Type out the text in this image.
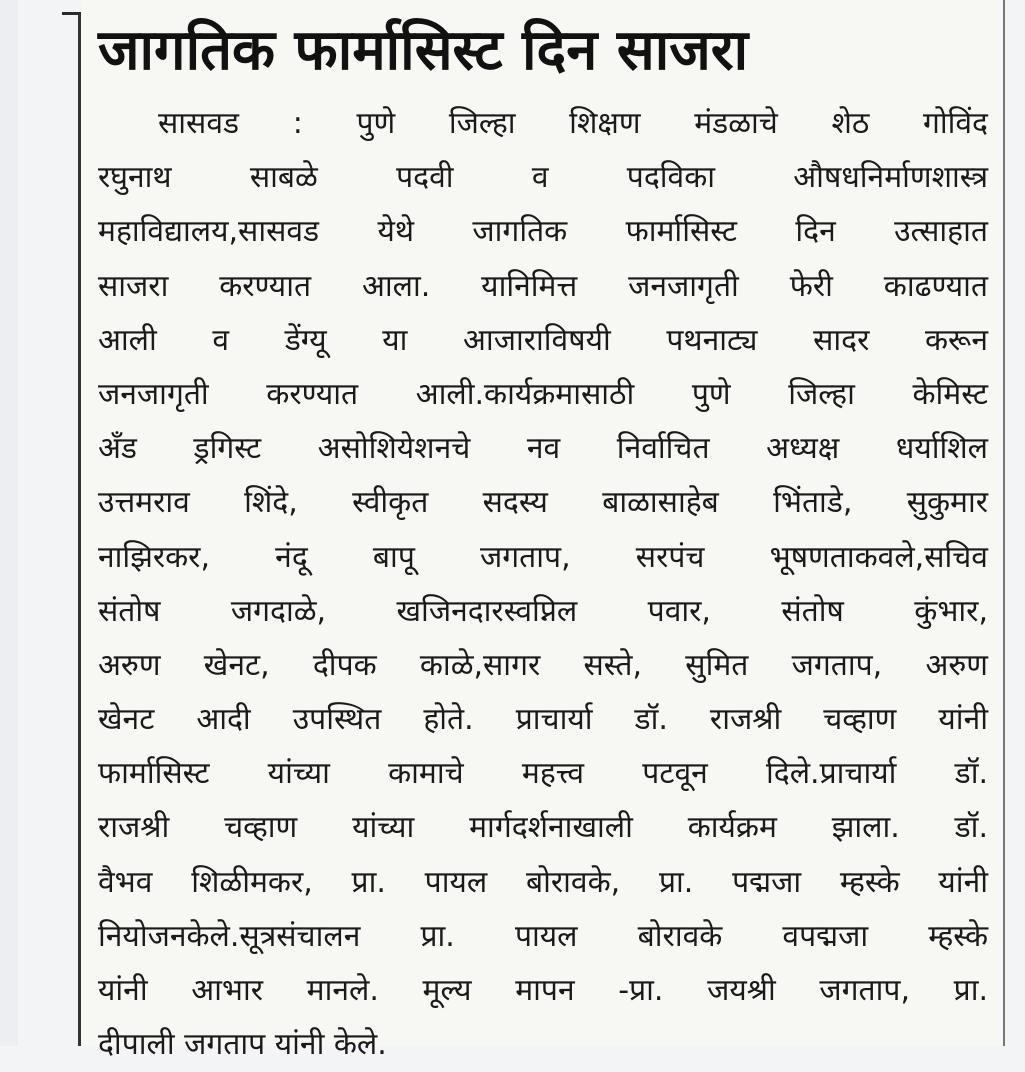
जागतिक फार्मासिस्ट दिन साजरा
सासवड : पुणे जिल्हा शिक्षण मंडळाचे शेठ गोविंद
रघुनाथ साबळे पदवी व पदविका औषधनिर्माणशास्त्र
महाविद्यालय,सासवड येथे जागतिक फार्मासिस्ट दिन उत्साहात
साजरा करण्यात आला. यानिमित्त जनजागृती फेरी काढण्यात
आली व डेंग्यू या आजाराविषयी पथनाट्य सादर करून
जनजागृती करण्यात आली.कार्यक्रमासाठी पुणे जिल्हा केमिस्ट
अँड ड्रगिस्ट असोशियेशनचे नव निर्वाचित अध्यक्ष धर्याशिल
उत्तमराव शिंदे, स्वीकृत सदस्य बाळासाहेब भिंताडे, सुकुमार
नाझिरकर, नंदू बापू जगताप, सरपंच भूषणताकवले,सचिव
संतोष जगदाळे, खजिनदारस्वप्निल पवार, संतोष कुंभार,
अरुण खेनट, दीपक काळे,सागर सस्ते, सुमित जगताप, अरुण
खेनट आदी उपस्थित होते. प्राचार्या डॉ. राजश्री चव्हाण यांनी
फार्मासिस्ट यांच्या कामाचे महत्त्व पटवून दिले.प्राचार्या डॉ.
राजश्री चव्हाण यांच्या मार्गदर्शनाखाली कार्यक्रम झाला. डॉ.
वैभव शिळीमकर, प्रा. पायल बोरावके, प्रा. पद्मजा म्हस्के यांनी
नियोजनकेले.सूत्रसंचालन प्रा. पायल बोरावके वपद्मजा म्हस्के
यांनी आभार मानले. मूल्य मापन -प्रा. जयश्री जगताप, प्रा.
दीपाली जगताप यांनी केले.
